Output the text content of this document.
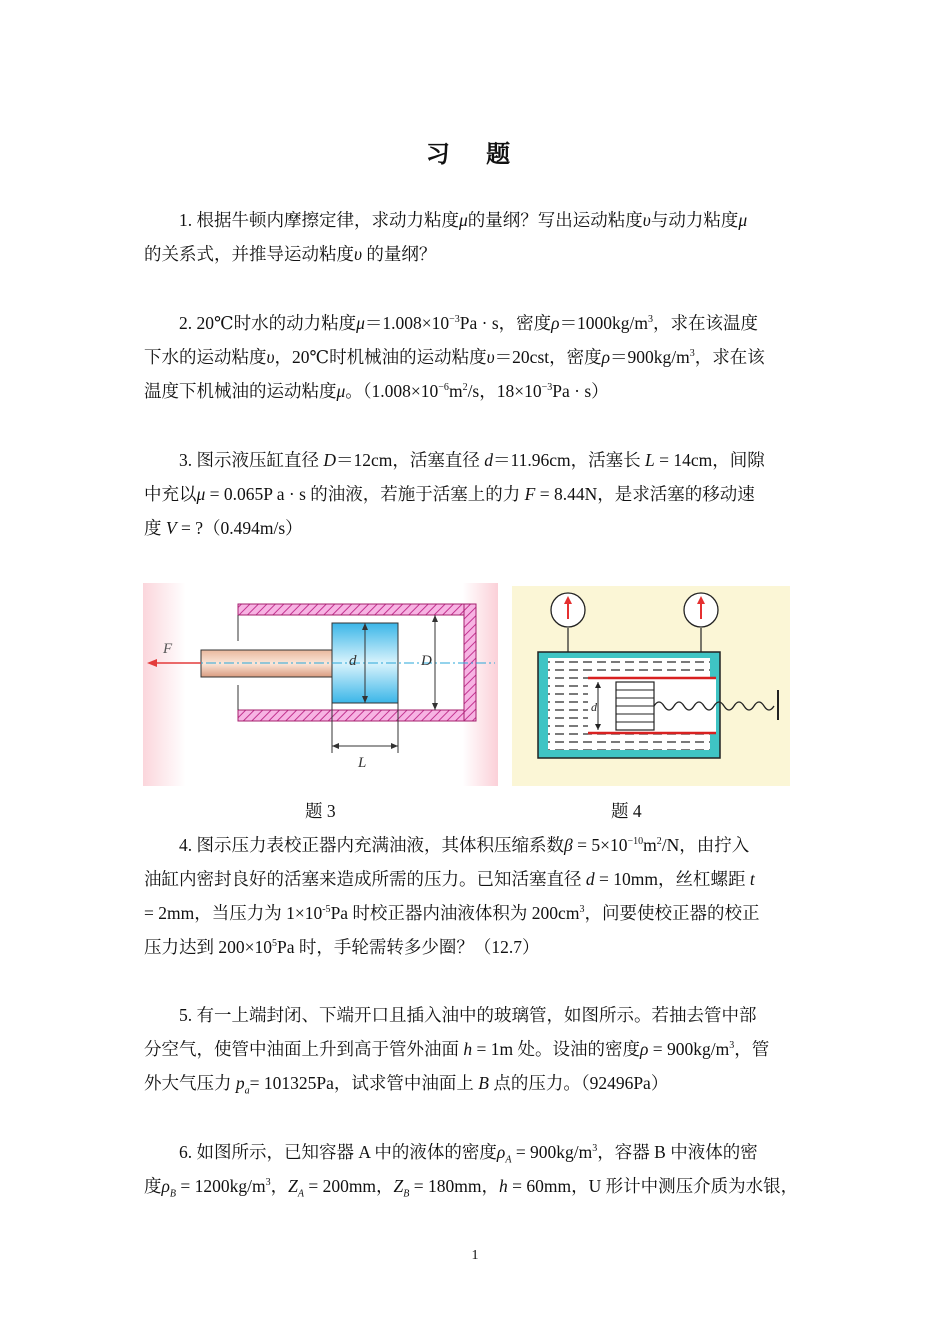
习 题
1. 根据牛顿内摩擦定律，求动力粘度μ的量纲？写出运动粘度υ与动力粘度μ
的关系式，并推导运动粘度υ 的量纲？
2. 20℃时水的动力粘度$\mu=1.008\times 10^{-3}Pa \cdot s$，密度$\rho=1000kg/m^3$，求在该温度
下水的运动粘度υ，20℃时机械油的运动粘度υ＝20cst，密度$\rho=900kg/m^3$，求在该
温度下机械油的运动粘度μ。（$1.008\times 10^{-6}m^2/s$，$18\times 10^{-3}Pa \cdot s$）
3. 图示液压缸直径 D＝12cm，活塞直径 d＝11.96cm，活塞长 L = 14cm，间隙
中充以μ = 0.065P a · s 的油液，若施于活塞上的力 F = 8.44N，是求活塞的移动速
度 V = ?（0.494m/s）
F
d	D
L
d
题 3	题 4
4. 图示压力表校正器内充满油液，其体积压缩系数$\beta = 5\times 10^{-10}m^2/N$，由拧入
油缸内密封良好的活塞来造成所需的压力。已知活塞直径 d = 10mm，丝杠螺距 t
= 2mm，当压力为 $1\times 10^{-5}Pa$ 时校正器内油液体积为 $200cm^3$，问要使校正器的校正
压力达到 $200\times 10^5Pa$ 时，手轮需转多少圈？（12.7）
5. 有一上端封闭、下端开口且插入油中的玻璃管，如图所示。若抽去管中部
分空气，使管中油面上升到高于管外油面 h = 1m 处。设油的密度$\rho = 900kg/m^3$，管
外大气压力 $p_a= 101325Pa$，试求管中油面上 B 点的压力。（92496Pa）
6. 如图所示，已知容器 A 中的液体的密度$\rho_A = 900kg/m^3$，容器 B 中液体的密
度$\rho_B = 1200kg/m^3$，$Z_A = 200mm$，$Z_B = 180mm$，h = 60mm，U 形计中测压介质为水银，
1
